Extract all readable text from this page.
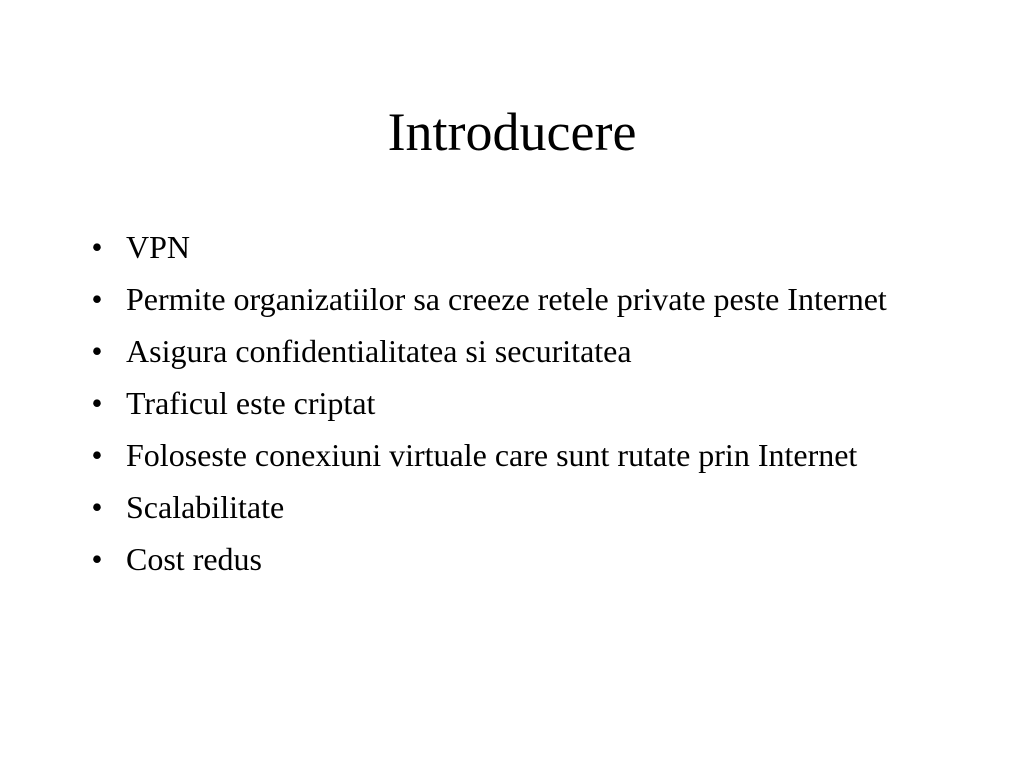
Introducere
• VPN
• Permite organizatiilor sa creeze retele private peste Internet
• Asigura confidentialitatea si securitatea
• Traficul este criptat
• Foloseste conexiuni virtuale care sunt rutate prin Internet
• Scalabilitate
• Cost redus
